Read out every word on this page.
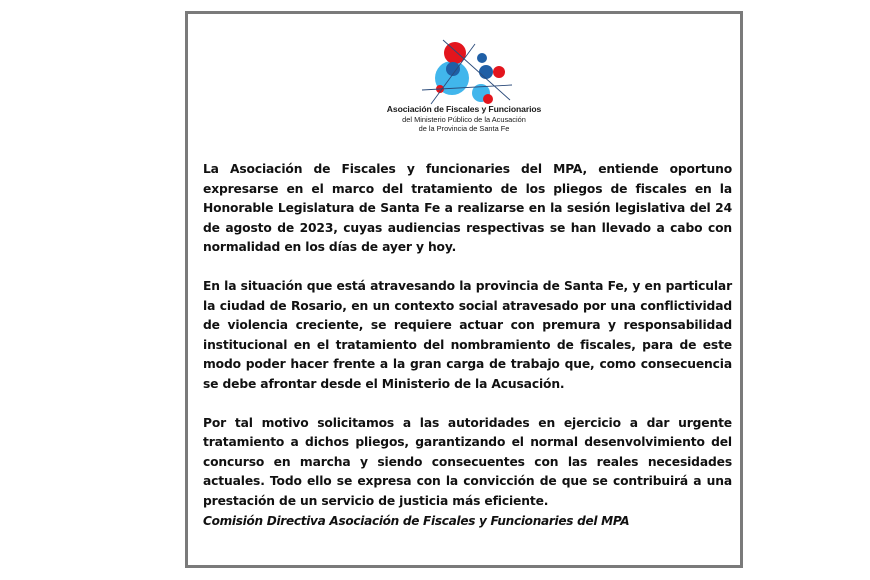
Asociación de Fiscales y Funcionarios
del Ministerio Público de la Acusación
de la Provincia de Santa Fe

La Asociación de Fiscales y funcionaries del MPA, entiende oportuno expresarse en el marco del tratamiento de los pliegos de fiscales en la Honorable Legislatura de Santa Fe a realizarse en la sesión legislativa del 24 de agosto de 2023, cuyas audiencias respectivas se han llevado a cabo con normalidad en los días de ayer y hoy.

En la situación que está atravesando la provincia de Santa Fe, y en particular la ciudad de Rosario, en un contexto social atravesado por una conflictividad de violencia creciente, se requiere actuar con premura y responsabilidad institucional en el tratamiento del nombramiento de fiscales, para de este modo poder hacer frente a la gran carga de trabajo que, como consecuencia se debe afrontar desde el Ministerio de la Acusación.

Por tal motivo solicitamos a las autoridades en ejercicio a dar urgente tratamiento a dichos pliegos, garantizando el normal desenvolvimiento del concurso en marcha y siendo consecuentes con las reales necesidades actuales. Todo ello se expresa con la convicción de que se contribuirá a una prestación de un servicio de justicia más eficiente.

Comisión Directiva Asociación de Fiscales y Funcionaries del MPA
